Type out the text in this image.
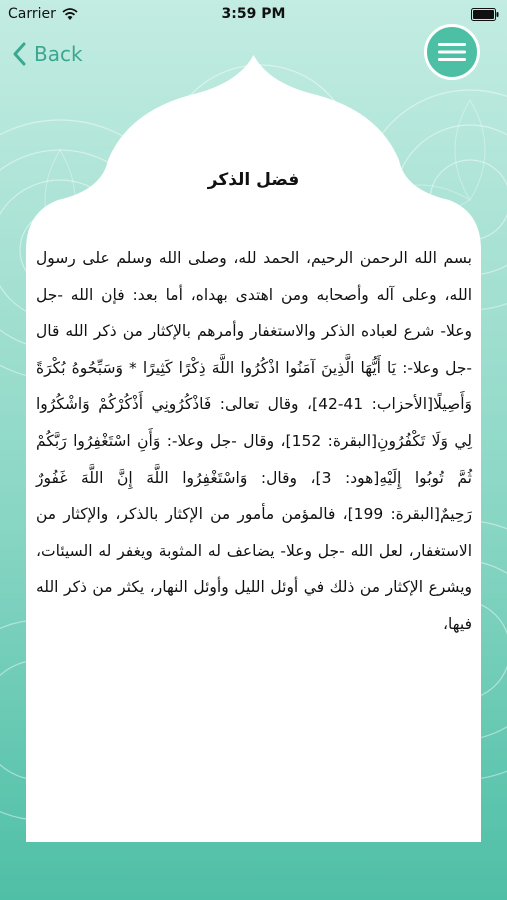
فضل الذكر
بسم الله الرحمن الرحيم، الحمد لله، وصلى الله وسلم على رسول الله، وعلى آله وأصحابه ومن اهتدى بهداه، أما بعد: فإن الله -جل وعلا- شرع لعباده الذكر والاستغفار وأمرهم بالإكثار من ذكر الله قال -جل وعلا-: يَا أَيُّهَا الَّذِينَ آمَنُوا اذْكُرُوا اللَّهَ ذِكْرًا كَثِيرًا * وَسَبِّحُوهُ بُكْرَةً وَأَصِيلًا[الأحزاب: 41-42]، وقال تعالى: فَاذْكُرُونِي أَذْكُرْكُمْ وَاشْكُرُوا لِي وَلَا تَكْفُرُونِ[البقرة: 152]، وقال -جل وعلا-: وَأَنِ اسْتَغْفِرُوا رَبَّكُمْ ثُمَّ تُوبُوا إِلَيْهِ[هود: 3]، وقال: وَاسْتَغْفِرُوا اللَّهَ إِنَّ اللَّهَ غَفُورٌ رَحِيمٌ[البقرة: 199]، فالمؤمن مأمور من الإكثار بالذكر، والإكثار من الاستغفار، لعل الله -جل وعلا- يضاعف له المثوبة ويغفر له السيئات، ويشرع الإكثار من ذلك في أوئل الليل وأوئل النهار، يكثر من ذكر الله فيها،
Carrier	3:59 PM
Back
